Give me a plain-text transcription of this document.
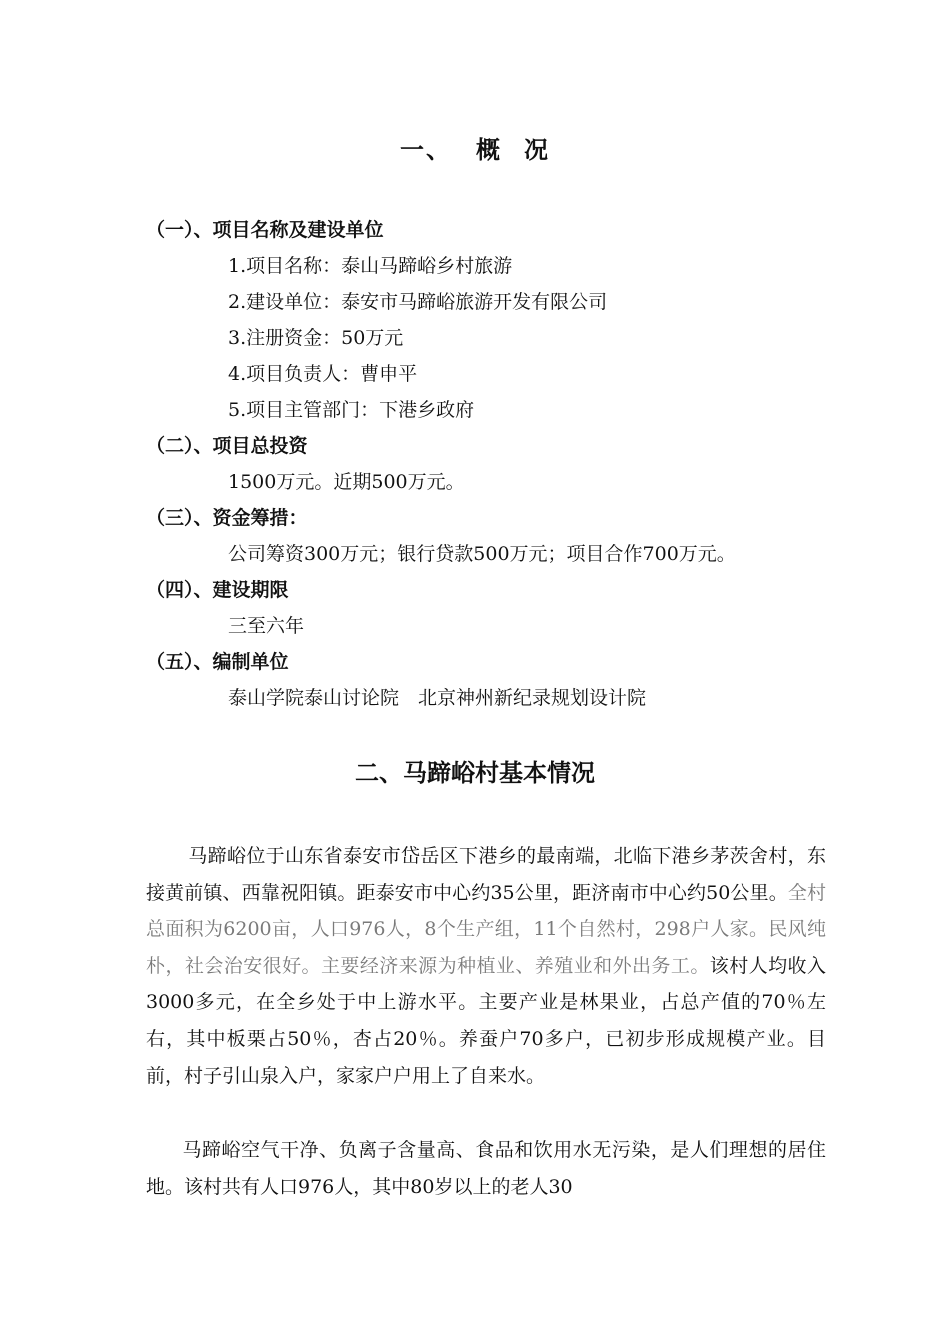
一、 概 况
（一）、项目名称及建设单位
1.项目名称：泰山马蹄峪乡村旅游
2.建设单位：泰安市马蹄峪旅游开发有限公司
3.注册资金：50万元
4.项目负责人：曹申平
5.项目主管部门：下港乡政府
（二）、项目总投资
1500万元。近期500万元。
（三）、资金筹措：
公司筹资300万元；银行贷款500万元；项目合作700万元。
（四）、建设期限
三至六年
（五）、编制单位
泰山学院泰山讨论院　北京神州新纪录规划设计院
二、马蹄峪村基本情况

马蹄峪位于山东省泰安市岱岳区下港乡的最南端，北临下港乡茅茨舍村，东接黄前镇、西靠祝阳镇。距泰安市中心约35公里，距济南市中心约50公里。全村总面积为6200亩，人口976人，8个生产组，11个自然村，298户人家。民风纯朴，社会治安很好。主要经济来源为种植业、养殖业和外出务工。该村人均收入3000多元，在全乡处于中上游水平。主要产业是林果业，占总产值的70％左右，其中板栗占50％，杏占20％。养蚕户70多户，已初步形成规模产业。目前，村子引山泉入户，家家户户用上了自来水。

马蹄峪空气干净、负离子含量高、食品和饮用水无污染，是人们理想的居住地。该村共有人口976人，其中80岁以上的老人30
